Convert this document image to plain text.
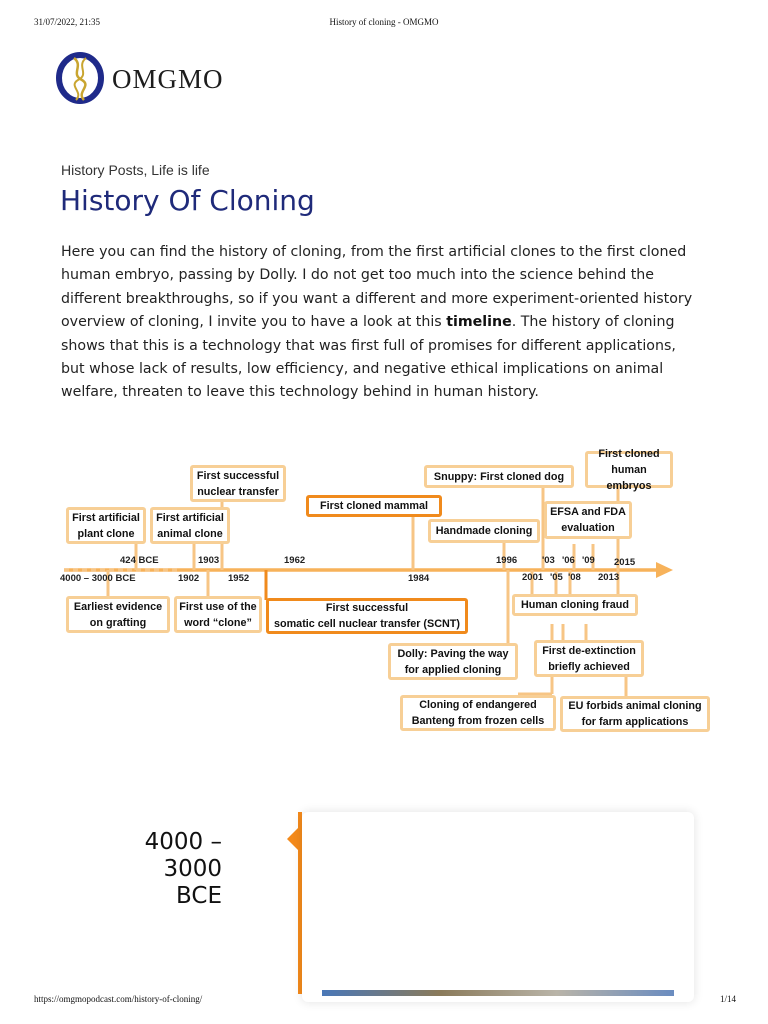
31/07/2022, 21:35	History of cloning - OMGMO
OMGMO
History Posts, Life is life
History Of Cloning

Here you can find the history of cloning, from the first artificial clones to the first cloned human embryo, passing by Dolly. I do not get too much into the science behind the different breakthroughs, so if you want a different and more experiment-oriented history overview of cloning, I invite you to have a look at this timeline. The history of cloning shows that this is a technology that was first full of promises for different applications, but whose lack of results, low efficiency, and negative ethical implications on animal welfare, threaten to leave this technology behind in human history.

First artificial
plant clone
First artificial
animal clone
First successful
nuclear transfer
First cloned mammal
Handmade cloning
Snuppy: First cloned dog
First cloned
human embryos
EFSA and FDA
evaluation
Earliest evidence
on grafting
First use of the
word “clone”
First successful
somatic cell nuclear transfer (SCNT)
Dolly: Paving the way
for applied cloning
Human cloning fraud
First de-extinction
briefly achieved
Cloning of endangered
Banteng from frozen cells
EU forbids animal cloning
for farm applications
424 BCE	1903	1962	1996	'03 '06 '09 2015
4000 – 3000 BCE	1902	1952	1984	2001 '05 '08 2013
4000 –
3000
BCE
https://omgmopodcast.com/history-of-cloning/	1/14
